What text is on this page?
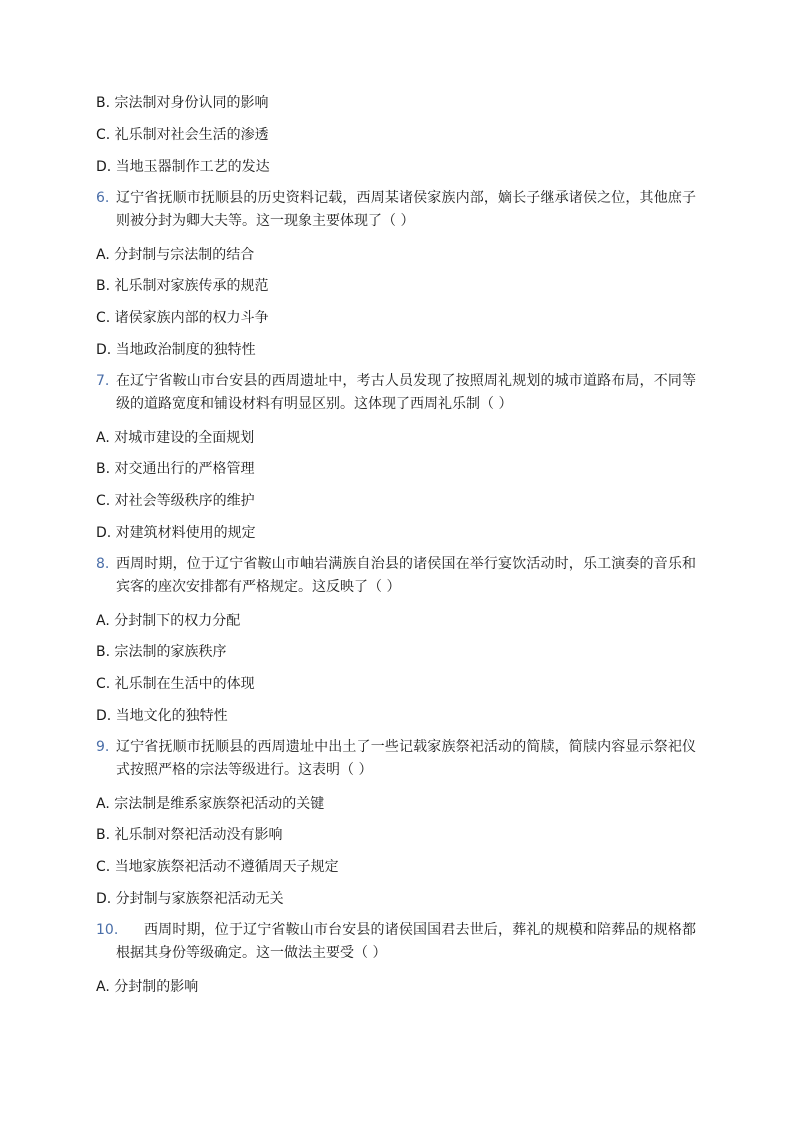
B. 宗法制对身份认同的影响
C. 礼乐制对社会生活的渗透
D. 当地玉器制作工艺的发达
6. 辽宁省抚顺市抚顺县的历史资料记载，西周某诸侯家族内部，嫡长子继承诸侯之位，其他庶子则被分封为卿大夫等。这一现象主要体现了（ ）
A. 分封制与宗法制的结合
B. 礼乐制对家族传承的规范
C. 诸侯家族内部的权力斗争
D. 当地政治制度的独特性
7. 在辽宁省鞍山市台安县的西周遗址中，考古人员发现了按照周礼规划的城市道路布局，不同等级的道路宽度和铺设材料有明显区别。这体现了西周礼乐制（ ）
A. 对城市建设的全面规划
B. 对交通出行的严格管理
C. 对社会等级秩序的维护
D. 对建筑材料使用的规定
8. 西周时期，位于辽宁省鞍山市岫岩满族自治县的诸侯国在举行宴饮活动时，乐工演奏的音乐和宾客的座次安排都有严格规定。这反映了（ ）
A. 分封制下的权力分配
B. 宗法制的家族秩序
C. 礼乐制在生活中的体现
D. 当地文化的独特性
9. 辽宁省抚顺市抚顺县的西周遗址中出土了一些记载家族祭祀活动的简牍，简牍内容显示祭祀仪式按照严格的宗法等级进行。这表明（ ）
A. 宗法制是维系家族祭祀活动的关键
B. 礼乐制对祭祀活动没有影响
C. 当地家族祭祀活动不遵循周天子规定
D. 分封制与家族祭祀活动无关
10.	西周时期，位于辽宁省鞍山市台安县的诸侯国国君去世后，葬礼的规模和陪葬品的规格都根据其身份等级确定。这一做法主要受（ ）
A. 分封制的影响
